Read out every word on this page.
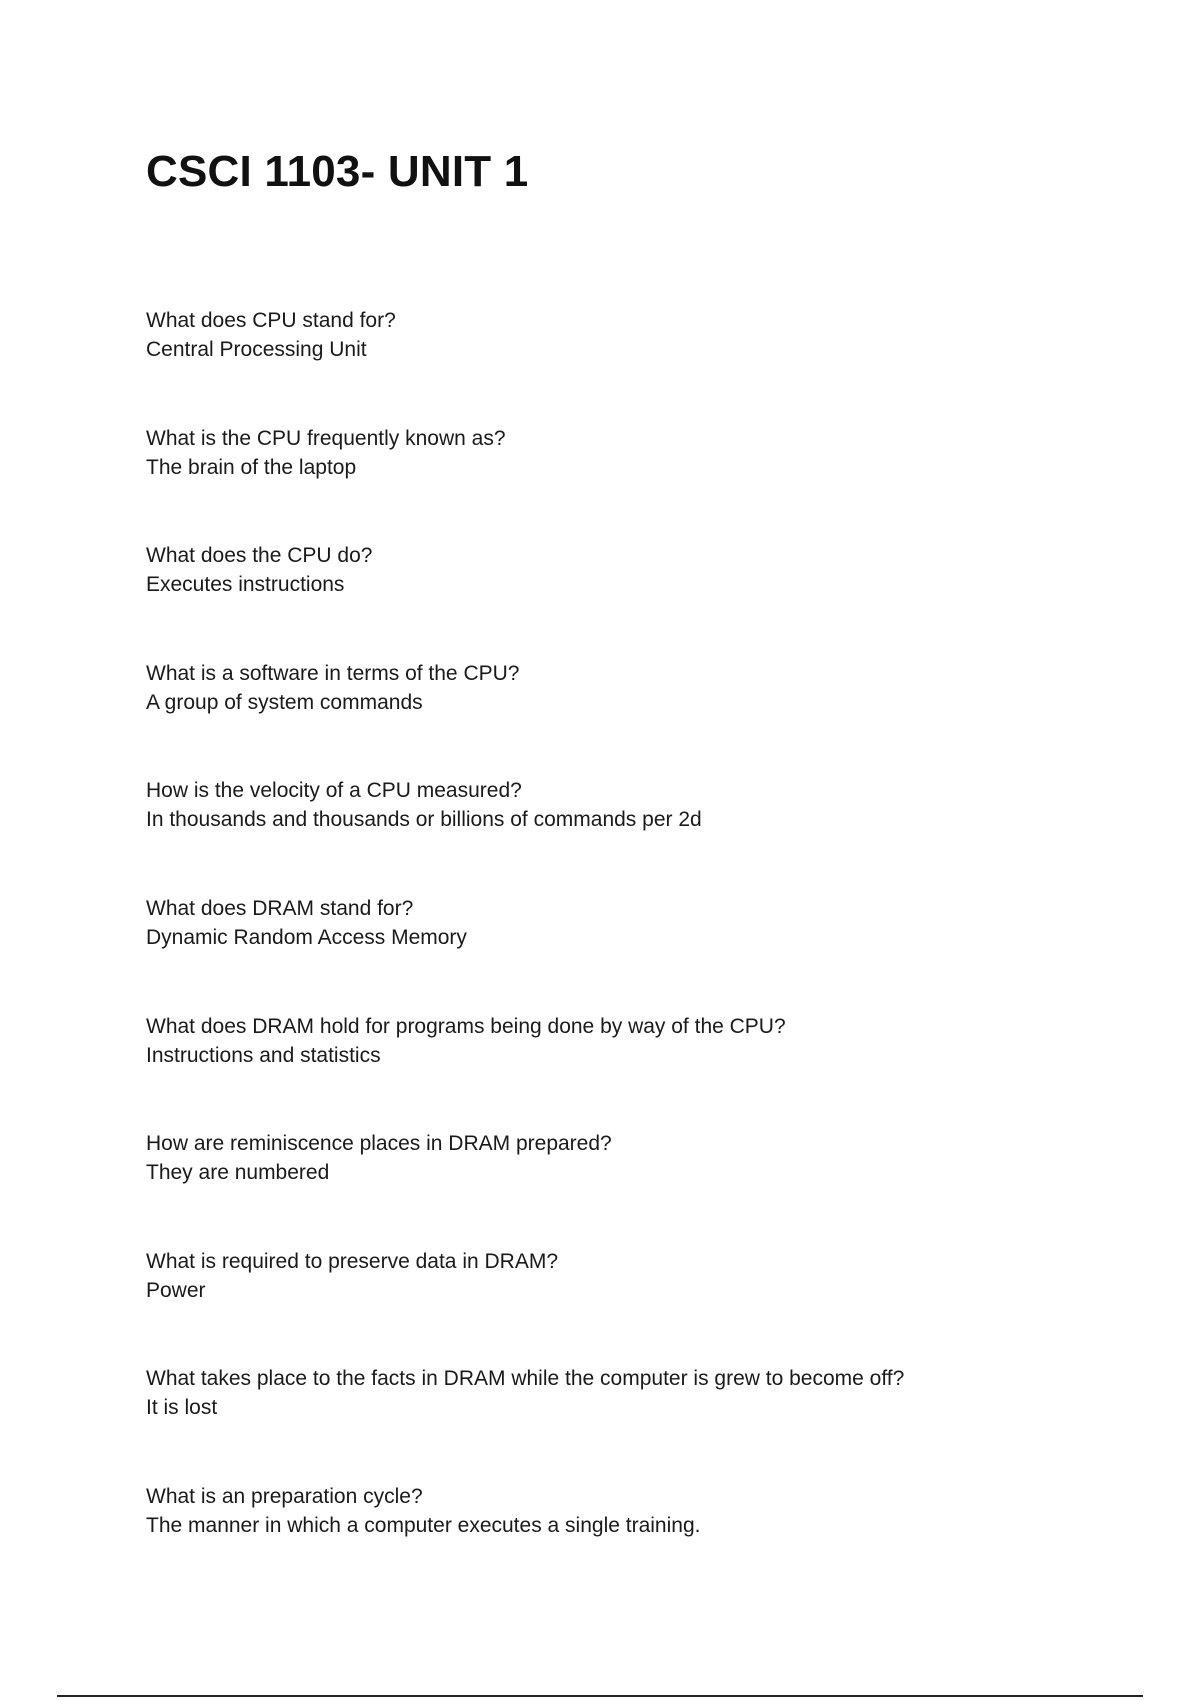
CSCI 1103- UNIT 1
What does CPU stand for?
Central Processing Unit
What is the CPU frequently known as?
The brain of the laptop
What does the CPU do?
Executes instructions
What is a software in terms of the CPU?
A group of system commands
How is the velocity of a CPU measured?
In thousands and thousands or billions of commands per 2d
What does DRAM stand for?
Dynamic Random Access Memory
What does DRAM hold for programs being done by way of the CPU?
Instructions and statistics
How are reminiscence places in DRAM prepared?
They are numbered
What is required to preserve data in DRAM?
Power
What takes place to the facts in DRAM while the computer is grew to become off?
It is lost
What is an preparation cycle?
The manner in which a computer executes a single training.
